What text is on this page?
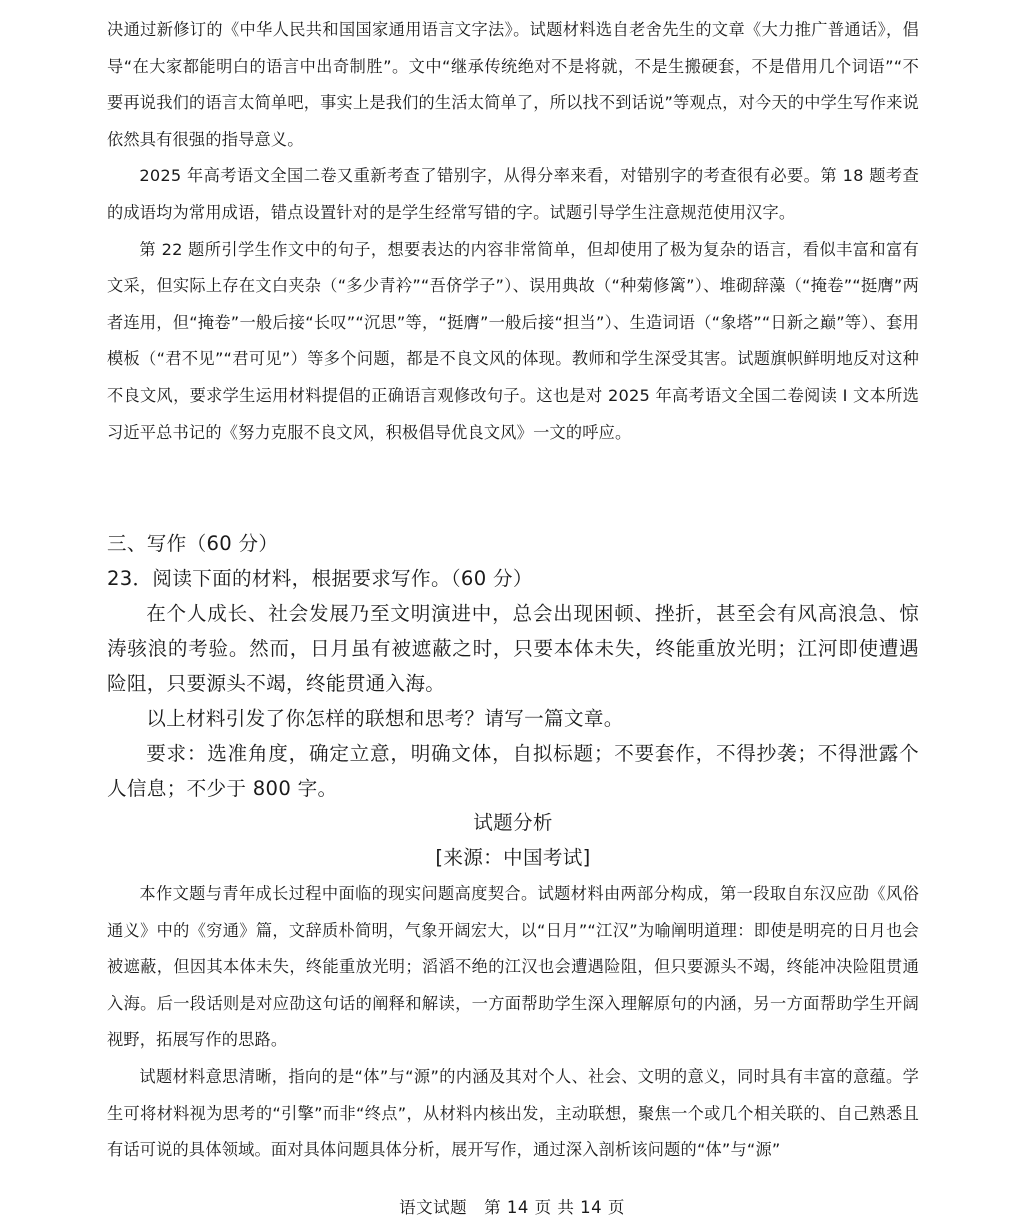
决通过新修订的《中华人民共和国国家通用语言文字法》。试题材料选自老舍先生的文章《大力推广普通话》，倡导“在大家都能明白的语言中出奇制胜”。文中“继承传统绝对不是将就，不是生搬硬套，不是借用几个词语”“不要再说我们的语言太简单吧，事实上是我们的生活太简单了，所以找不到话说”等观点，对今天的中学生写作来说依然具有很强的指导意义。

2025 年高考语文全国二卷又重新考查了错别字，从得分率来看，对错别字的考查很有必要。第 18 题考查的成语均为常用成语，错点设置针对的是学生经常写错的字。试题引导学生注意规范使用汉字。

第 22 题所引学生作文中的句子，想要表达的内容非常简单，但却使用了极为复杂的语言，看似丰富和富有文采，但实际上存在文白夹杂（“多少青衿”“吾侪学子”）、误用典故（“种菊修篱”）、堆砌辞藻（“掩卷”“挺膺”两者连用，但“掩卷”一般后接“长叹”“沉思”等，“挺膺”一般后接“担当”）、生造词语（“象塔”“日新之巅”等）、套用模板（“君不见”“君可见”）等多个问题，都是不良文风的体现。教师和学生深受其害。试题旗帜鲜明地反对这种不良文风，要求学生运用材料提倡的正确语言观修改句子。这也是对 2025 年高考语文全国二卷阅读 I 文本所选习近平总书记的《努力克服不良文风，积极倡导优良文风》一文的呼应。

三、写作（60 分）

23．阅读下面的材料，根据要求写作。（60 分）

在个人成长、社会发展乃至文明演进中，总会出现困顿、挫折，甚至会有风高浪急、惊涛骇浪的考验。然而，日月虽有被遮蔽之时，只要本体未失，终能重放光明；江河即使遭遇险阻，只要源头不竭，终能贯通入海。

以上材料引发了你怎样的联想和思考？请写一篇文章。

要求：选准角度，确定立意，明确文体，自拟标题；不要套作，不得抄袭；不得泄露个人信息；不少于 800 字。

试题分析

[来源：中国考试]

本作文题与青年成长过程中面临的现实问题高度契合。试题材料由两部分构成，第一段取自东汉应劭《风俗通义》中的《穷通》篇，文辞质朴简明，气象开阔宏大，以“日月”“江汉”为喻阐明道理：即使是明亮的日月也会被遮蔽，但因其本体未失，终能重放光明；滔滔不绝的江汉也会遭遇险阻，但只要源头不竭，终能冲决险阻贯通入海。后一段话则是对应劭这句话的阐释和解读，一方面帮助学生深入理解原句的内涵，另一方面帮助学生开阔视野，拓展写作的思路。

试题材料意思清晰，指向的是“体”与“源”的内涵及其对个人、社会、文明的意义，同时具有丰富的意蕴。学生可将材料视为思考的“引擎”而非“终点”，从材料内核出发，主动联想，聚焦一个或几个相关联的、自己熟悉且有话可说的具体领域。面对具体问题具体分析，展开写作，通过深入剖析该问题的“体”与“源”

语文试题　第 14 页 共 14 页
